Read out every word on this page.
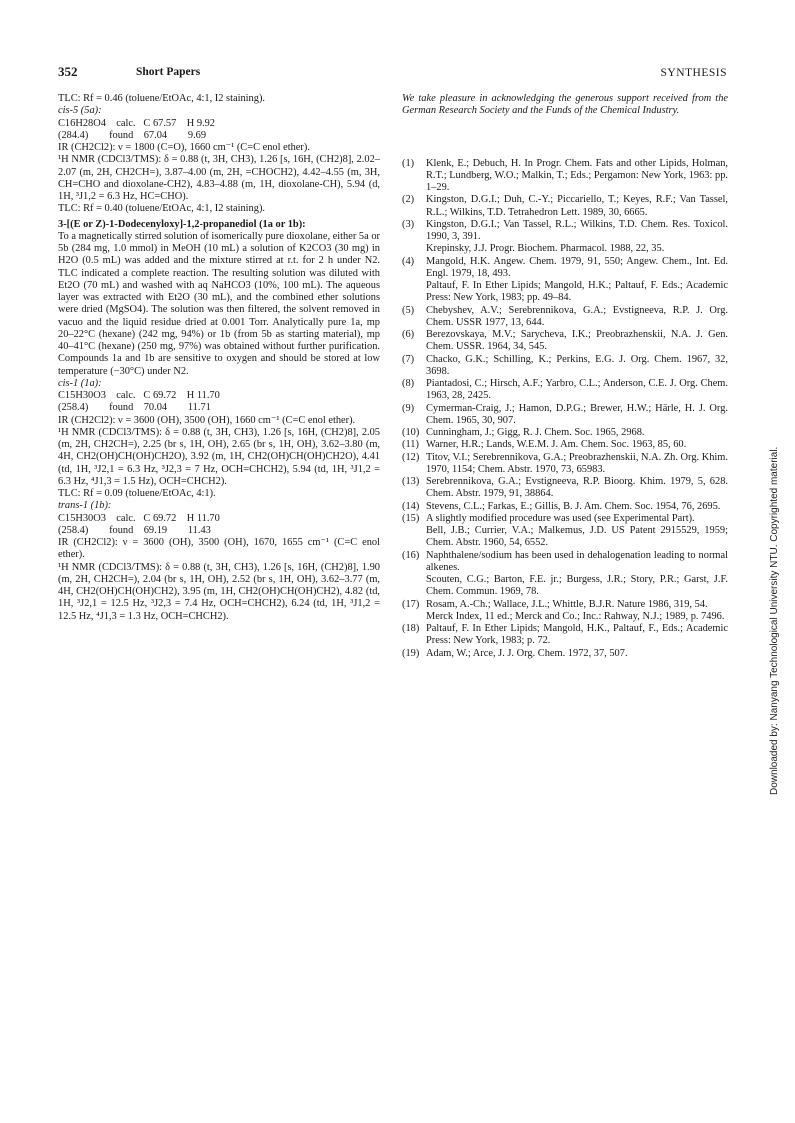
352	Short Papers	SYNTHESIS

TLC: Rf = 0.46 (toluene/EtOAc, 4:1, I2 staining).

cis-5 (5a):

C16H28O4    calc.   C 67.57    H 9.92

(284.4)        found    67.04        9.69

IR (CH2Cl2): ν = 1800 (C=O), 1660 cm⁻¹ (C=C enol ether).

¹H NMR (CDCl3/TMS): δ = 0.88 (t, 3H, CH3), 1.26 [s, 16H, (CH2)8], 2.02–2.07 (m, 2H, CH2CH=), 3.87–4.00 (m, 2H, =CHOCH2), 4.42–4.55 (m, 3H, CH=CHO and dioxolane-CH2), 4.83–4.88 (m, 1H, dioxolane-CH), 5.94 (d, 1H, ³J1,2 = 6.3 Hz, HC=CHO).

TLC: Rf = 0.40 (toluene/EtOAc, 4:1, I2 staining).

3-[(E or Z)-1-Dodecenyloxy]-1,2-propanediol (1a or 1b):

To a magnetically stirred solution of isomerically pure dioxolane, either 5a or 5b (284 mg, 1.0 mmol) in MeOH (10 mL) a solution of K2CO3 (30 mg) in H2O (0.5 mL) was added and the mixture stirred at r.t. for 2 h under N2. TLC indicated a complete reaction. The resulting solution was diluted with Et2O (70 mL) and washed with aq NaHCO3 (10%, 100 mL). The aqueous layer was extracted with Et2O (30 mL), and the combined ether solutions were dried (MgSO4). The solution was then filtered, the solvent removed in vacuo and the liquid residue dried at 0.001 Torr. Analytically pure 1a, mp 20–22°C (hexane) (242 mg, 94%) or 1b (from 5b as starting material), mp 40–41°C (hexane) (250 mg, 97%) was obtained without further purification. Compounds 1a and 1b are sensitive to oxygen and should be stored at low temperature (−30°C) under N2.

cis-1 (1a):

C15H30O3    calc.   C 69.72    H 11.70

(258.4)        found    70.04        11.71

IR (CH2Cl2): ν = 3600 (OH), 3500 (OH), 1660 cm⁻¹ (C=C enol ether).

¹H NMR (CDCl3/TMS): δ = 0.88 (t, 3H, CH3), 1.26 [s, 16H, (CH2)8], 2.05 (m, 2H, CH2CH=), 2.25 (br s, 1H, OH), 2.65 (br s, 1H, OH), 3.62–3.80 (m, 4H, CH2(OH)CH(OH)CH2O), 3.92 (m, 1H, CH2(OH)CH(OH)CH2O), 4.41 (td, 1H, ³J2,1 = 6.3 Hz, ³J2,3 = 7 Hz, OCH=CHCH2), 5.94 (td, 1H, ³J1,2 = 6.3 Hz, ⁴J1,3 = 1.5 Hz), OCH=CHCH2).

TLC: Rf = 0.09 (toluene/EtOAc, 4:1).

trans-1 (1b):

C15H30O3    calc.   C 69.72    H 11.70

(258.4)        found    69.19        11.43

IR (CH2Cl2): ν = 3600 (OH), 3500 (OH), 1670, 1655 cm⁻¹ (C=C enol ether).

¹H NMR (CDCl3/TMS): δ = 0.88 (t, 3H, CH3), 1.26 [s, 16H, (CH2)8], 1.90 (m, 2H, CH2CH=), 2.04 (br s, 1H, OH), 2.52 (br s, 1H, OH), 3.62–3.77 (m, 4H, CH2(OH)CH(OH)CH2), 3.95 (m, 1H, CH2(OH)CH(OH)CH2), 4.82 (td, 1H, ³J2,1 = 12.5 Hz, ³J2,3 = 7.4 Hz, OCH=CHCH2), 6.24 (td, 1H, ³J1,2 = 12.5 Hz, ⁴J1,3 = 1.3 Hz, OCH=CHCH2).

We take pleasure in acknowledging the generous support received from the German Research Society and the Funds of the Chemical Industry.

(1) Klenk, E.; Debuch, H. In Progr. Chem. Fats and other Lipids, Holman, R.T.; Lundberg, W.O.; Malkin, T.; Eds.; Pergamon: New York, 1963: pp. 1–29.

(2) Kingston, D.G.I.; Duh, C.-Y.; Piccariello, T.; Keyes, R.F.; Van Tassel, R.L.; Wilkins, T.D. Tetrahedron Lett. 1989, 30, 6665.

(3) Kingston, D.G.I.; Van Tassel, R.L.; Wilkins, T.D. Chem. Res. Toxicol. 1990, 3, 391.

Krepinsky, J.J. Progr. Biochem. Pharmacol. 1988, 22, 35.

(4) Mangold, H.K. Angew. Chem. 1979, 91, 550; Angew. Chem., Int. Ed. Engl. 1979, 18, 493.

Paltauf, F. In Ether Lipids; Mangold, H.K.; Paltauf, F. Eds.; Academic Press: New York, 1983; pp. 49–84.

(5) Chebyshev, A.V.; Serebrennikova, G.A.; Evstigneeva, R.P. J. Org. Chem. USSR 1977, 13, 644.

(6) Berezovskaya, M.V.; Sarycheva, I.K.; Preobrazhenskii, N.A. J. Gen. Chem. USSR. 1964, 34, 545.

(7) Chacko, G.K.; Schilling, K.; Perkins, E.G. J. Org. Chem. 1967, 32, 3698.

(8) Piantadosi, C.; Hirsch, A.F.; Yarbro, C.L.; Anderson, C.E. J. Org. Chem. 1963, 28, 2425.

(9) Cymerman-Craig, J.; Hamon, D.P.G.; Brewer, H.W.; Härle, H. J. Org. Chem. 1965, 30, 907.

(10) Cunningham, J.; Gigg, R. J. Chem. Soc. 1965, 2968.

(11) Warner, H.R.; Lands, W.E.M. J. Am. Chem. Soc. 1963, 85, 60.

(12) Titov, V.I.; Serebrennikova, G.A.; Preobrazhenskii, N.A. Zh. Org. Khim. 1970, 1154; Chem. Abstr. 1970, 73, 65983.

(13) Serebrennikova, G.A.; Evstigneeva, R.P. Bioorg. Khim. 1979, 5, 628. Chem. Abstr. 1979, 91, 38864.

(14) Stevens, C.L.; Farkas, E.; Gillis, B. J. Am. Chem. Soc. 1954, 76, 2695.

(15) A slightly modified procedure was used (see Experimental Part).

Bell, J.B.; Currier, V.A.; Malkemus, J.D. US Patent 2915529, 1959; Chem. Abstr. 1960, 54, 6552.

(16) Naphthalene/sodium has been used in dehalogenation leading to normal alkenes.

Scouten, C.G.; Barton, F.E. jr.; Burgess, J.R.; Story, P.R.; Garst, J.F. Chem. Commun. 1969, 78.

(17) Rosam, A.-Ch.; Wallace, J.L.; Whittle, B.J.R. Nature 1986, 319, 54.

Merck Index, 11 ed.; Merck and Co.; Inc.: Rahway, N.J.; 1989, p. 7496.

(18) Paltauf, F. In Ether Lipids; Mangold, H.K., Paltauf, F., Eds.; Academic Press: New York, 1983; p. 72.

(19) Adam, W.; Arce, J. J. Org. Chem. 1972, 37, 507.	Downloaded by: Nanyang Technological University NTU. Copyrighted material.
